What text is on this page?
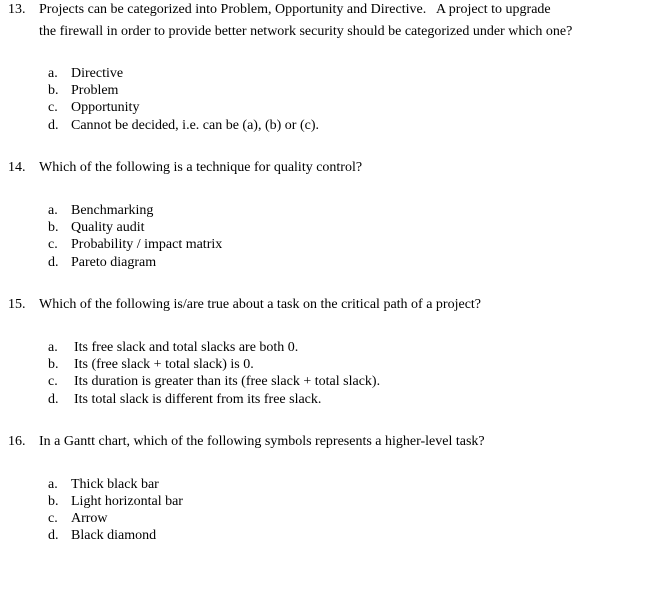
13. Projects can be categorized into Problem, Opportunity and Directive.   A project to upgrade
the firewall in order to provide better network security should be categorized under which one?
a. Directive
b. Problem
c. Opportunity
d. Cannot be decided, i.e. can be (a), (b) or (c).
14. Which of the following is a technique for quality control?
a. Benchmarking
b. Quality audit
c. Probability / impact matrix
d. Pareto diagram
15. Which of the following is/are true about a task on the critical path of a project?
a. Its free slack and total slacks are both 0.
b. Its (free slack + total slack) is 0.
c. Its duration is greater than its (free slack + total slack).
d. Its total slack is different from its free slack.
16. In a Gantt chart, which of the following symbols represents a higher-level task?
a. Thick black bar
b. Light horizontal bar
c. Arrow
d. Black diamond
